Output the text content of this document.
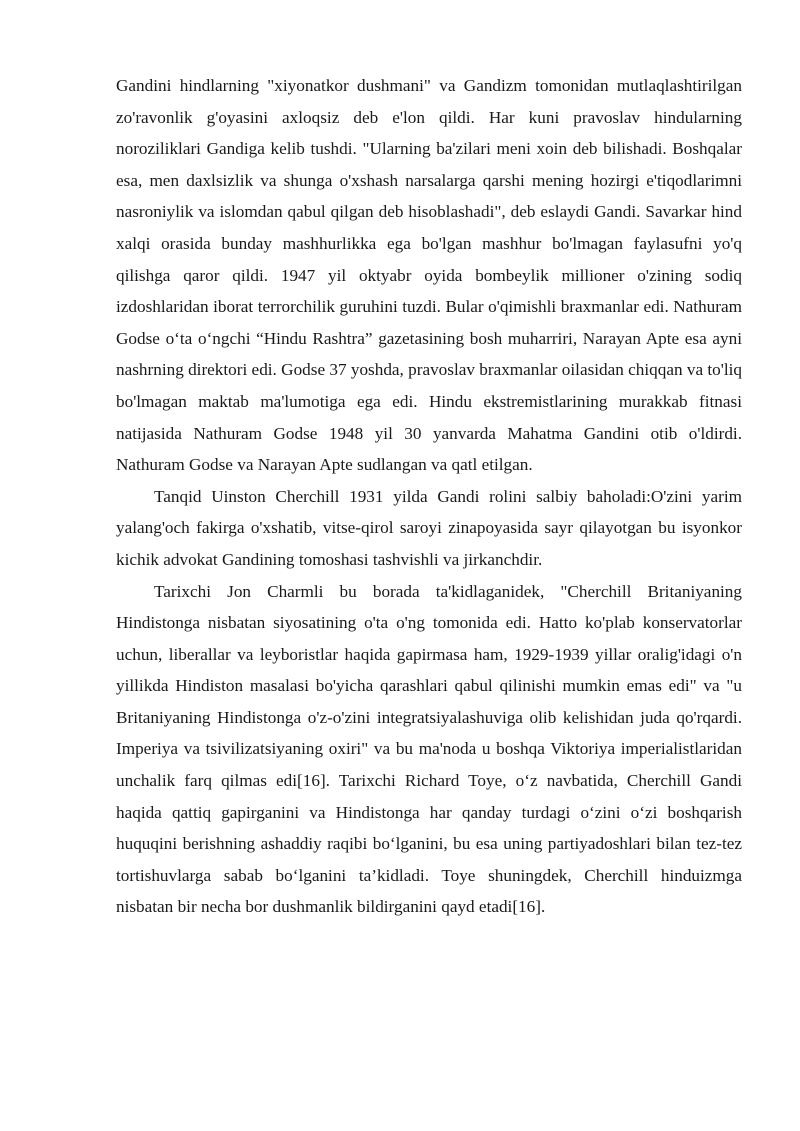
Gandini hindlarning "xiyonatkor dushmani" va Gandizm tomonidan mutlaqlashtirilgan zo'ravonlik g'oyasini axloqsiz deb e'lon qildi. Har kuni pravoslav hindularning noroziliklari Gandiga kelib tushdi. "Ularning ba'zilari meni xoin deb bilishadi. Boshqalar esa, men daxlsizlik va shunga o'xshash narsalarga qarshi mening hozirgi e'tiqodlarimni nasroniylik va islomdan qabul qilgan deb hisoblashadi", deb eslaydi Gandi. Savarkar hind xalqi orasida bunday mashhurlikka ega bo'lgan mashhur bo'lmagan faylasufni yo'q qilishga qaror qildi. 1947 yil oktyabr oyida bombeylik millioner o'zining sodiq izdoshlaridan iborat terrorchilik guruhini tuzdi. Bular o'qimishli braxmanlar edi. Nathuram Godse o‘ta o‘ngchi “Hindu Rashtra” gazetasining bosh muharriri, Narayan Apte esa ayni nashrning direktori edi. Godse 37 yoshda, pravoslav braxmanlar oilasidan chiqqan va to'liq bo'lmagan maktab ma'lumotiga ega edi. Hindu ekstremistlarining murakkab fitnasi natijasida Nathuram Godse 1948 yil 30 yanvarda Mahatma Gandini otib o'ldirdi. Nathuram Godse va Narayan Apte sudlangan va qatl etilgan.

Tanqid Uinston Cherchill 1931 yilda Gandi rolini salbiy baholadi:O'zini yarim yalang'och fakirga o'xshatib, vitse-qirol saroyi zinapoyasida sayr qilayotgan bu isyonkor kichik advokat Gandining tomoshasi tashvishli va jirkanchdir.

Tarixchi Jon Charmli bu borada ta'kidlaganidek, "Cherchill Britaniyaning Hindistonga nisbatan siyosatining o'ta o'ng tomonida edi. Hatto ko'plab konservatorlar uchun, liberallar va leyboristlar haqida gapirmasa ham, 1929-1939 yillar oralig'idagi o'n yillikda Hindiston masalasi bo'yicha qarashlari qabul qilinishi mumkin emas edi" va "u Britaniyaning Hindistonga o'z-o'zini integratsiyalashuviga olib kelishidan juda qo'rqardi. Imperiya va tsivilizatsiyaning oxiri" va bu ma'noda u boshqa Viktoriya imperialistlaridan unchalik farq qilmas edi[16]. Tarixchi Richard Toye, o‘z navbatida, Cherchill Gandi haqida qattiq gapirganini va Hindistonga har qanday turdagi o‘zini o‘zi boshqarish huquqini berishning ashaddiy raqibi bo‘lganini, bu esa uning partiyadoshlari bilan tez-tez tortishuvlarga sabab bo‘lganini ta’kidladi. Toye shuningdek, Cherchill hinduizmga nisbatan bir necha bor dushmanlik bildirganini qayd etadi[16].
